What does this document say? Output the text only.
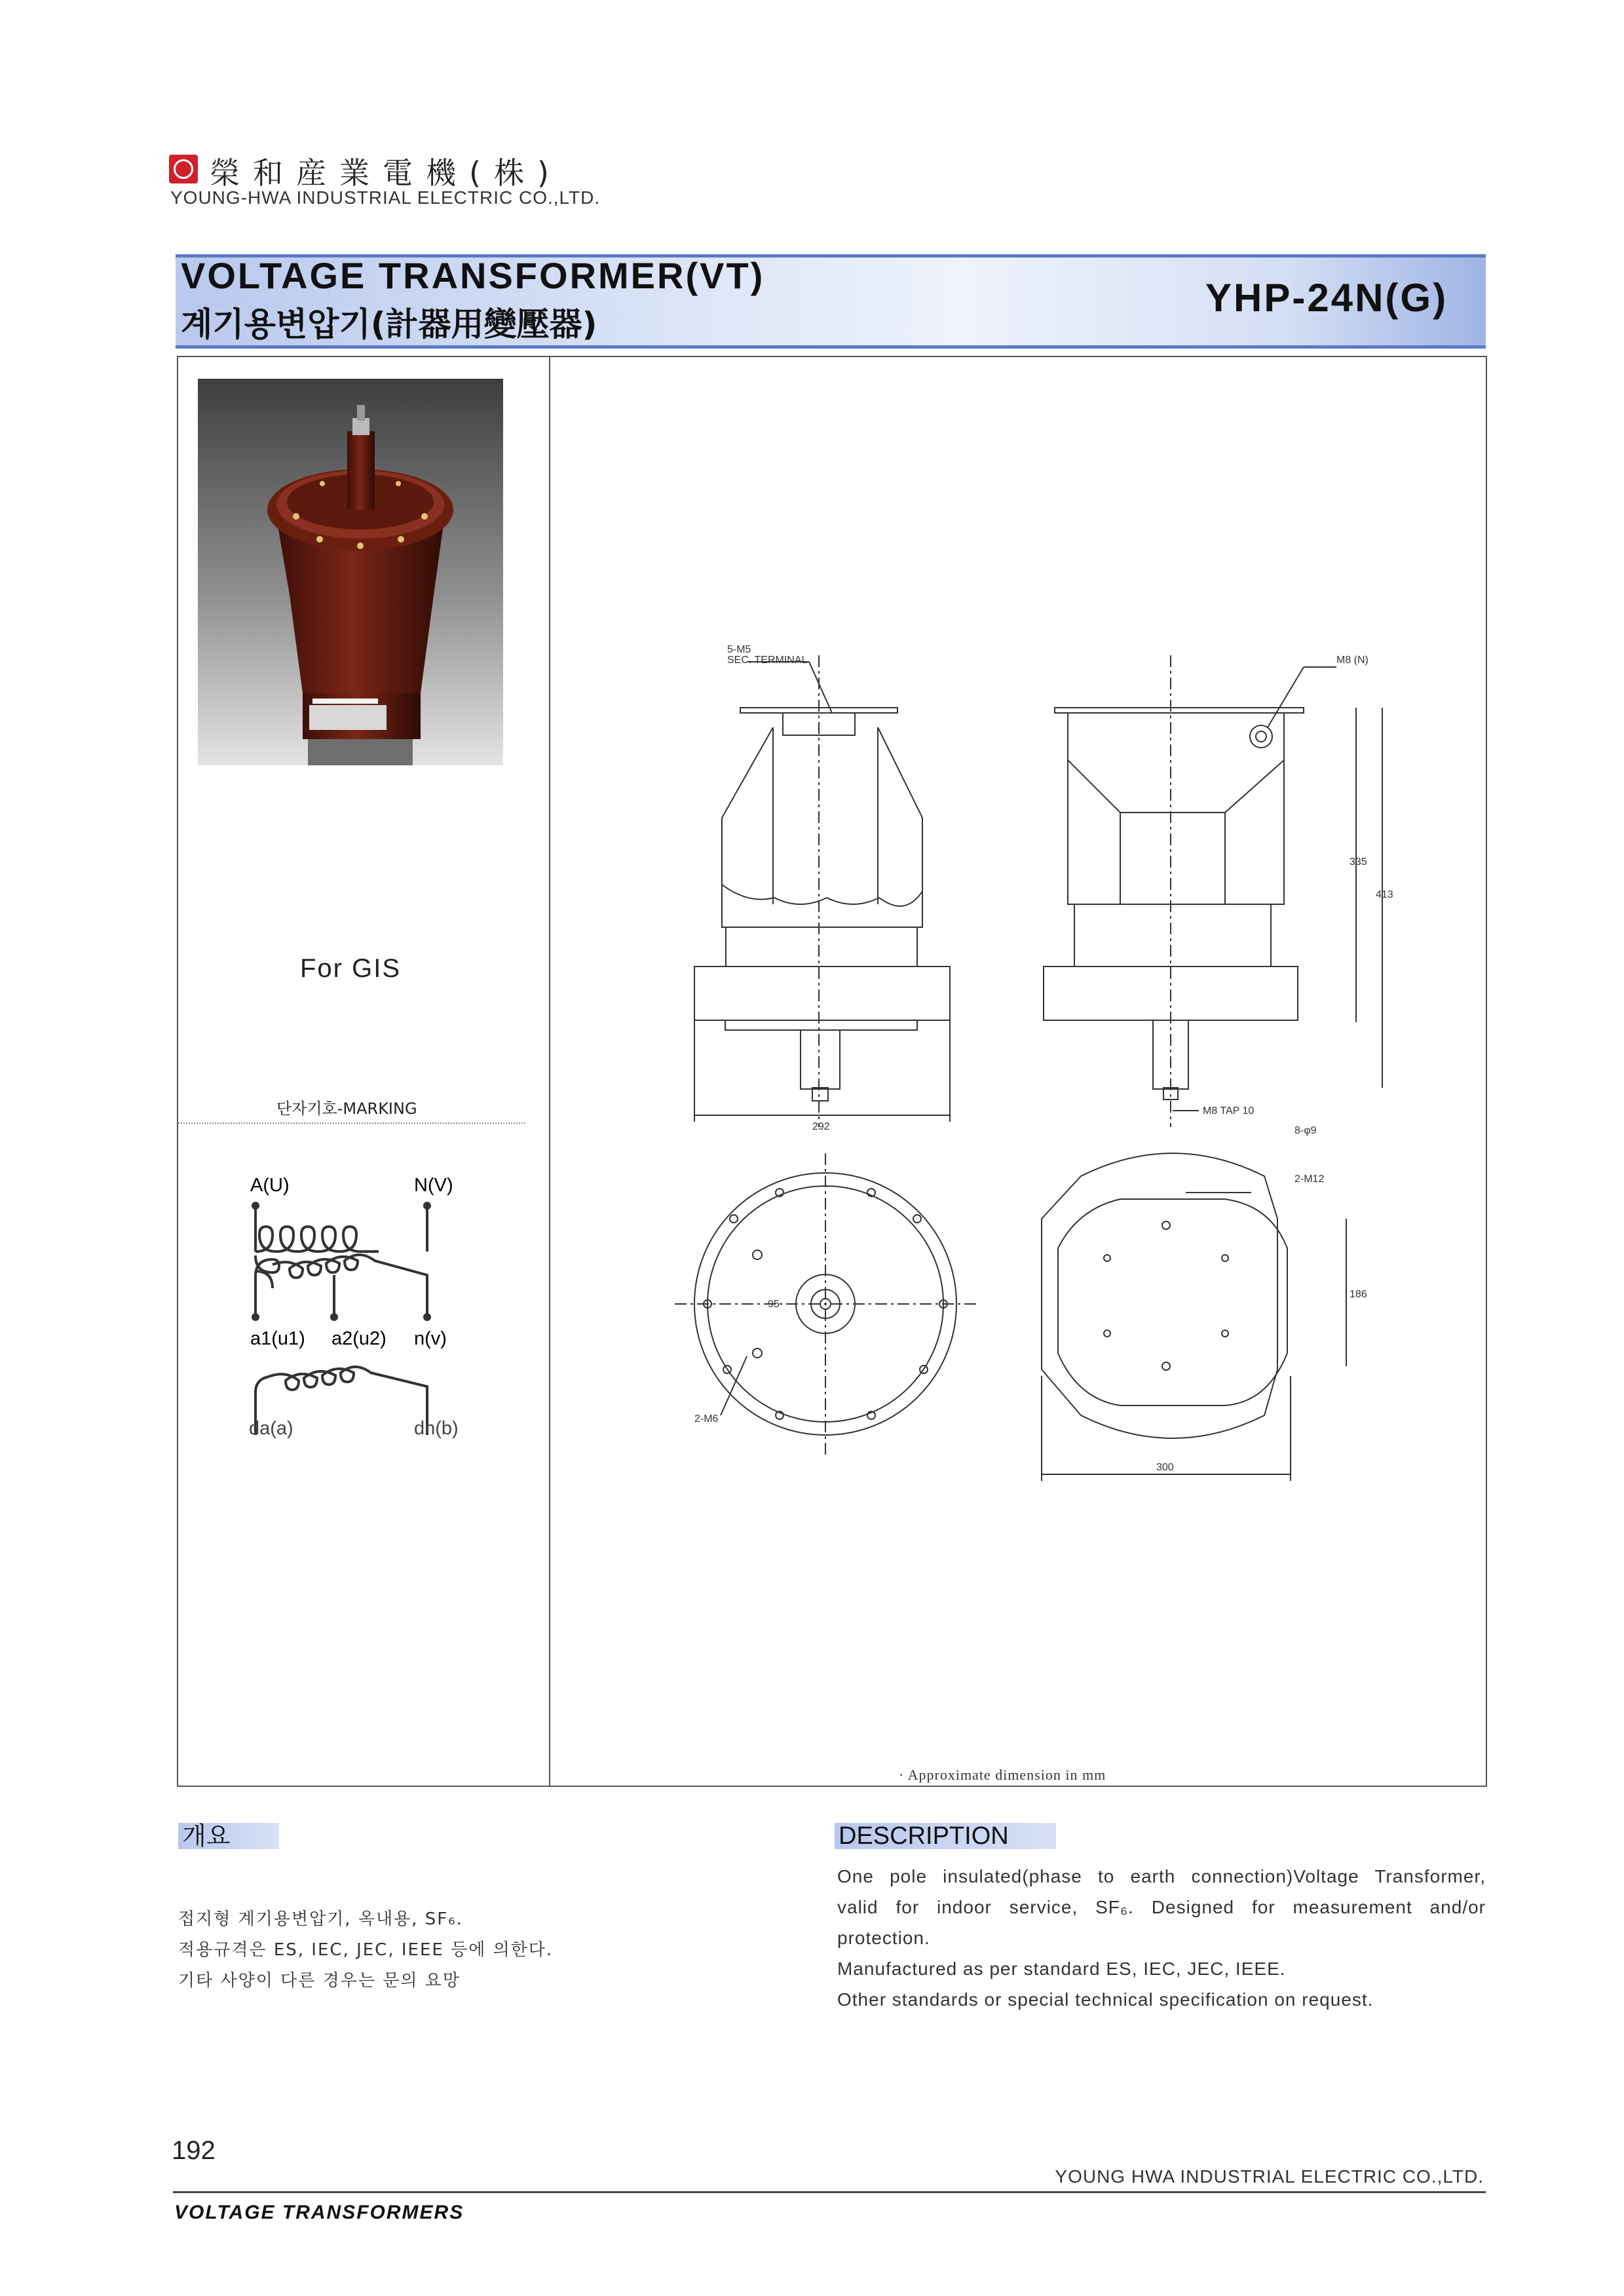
榮和産業電機(株)
YOUNG-HWA INDUSTRIAL ELECTRIC CO.,LTD.
VOLTAGE TRANSFORMER(VT)
계기용변압기(計器用變壓器)
YHP-24N(G)
For GIS
단자기호-MARKING
A(U)	N(V)
a1(u1) a2(u2) n(v)
da(a)	dn(b)
5-M5
SEC. TERMINAL	M8 (N)
335
413
292
M8 TAP 10
8-φ9
2-M12
95
186
2-M6
300
· Approximate dimension in mm
개요
접지형 계기용변압기, 옥내용, SF₆.
적용규격은 ES, IEC, JEC, IEEE 등에 의한다.
기타 사양이 다른 경우는 문의 요망
DESCRIPTION
One pole insulated(phase to earth connection)Voltage Transformer,
valid for indoor service, SF₆. Designed for measurement and/or
protection.
Manufactured as per standard ES, IEC, JEC, IEEE.
Other standards or special technical specification on request.
192
YOUNG HWA INDUSTRIAL ELECTRIC CO.,LTD.
VOLTAGE TRANSFORMERS
